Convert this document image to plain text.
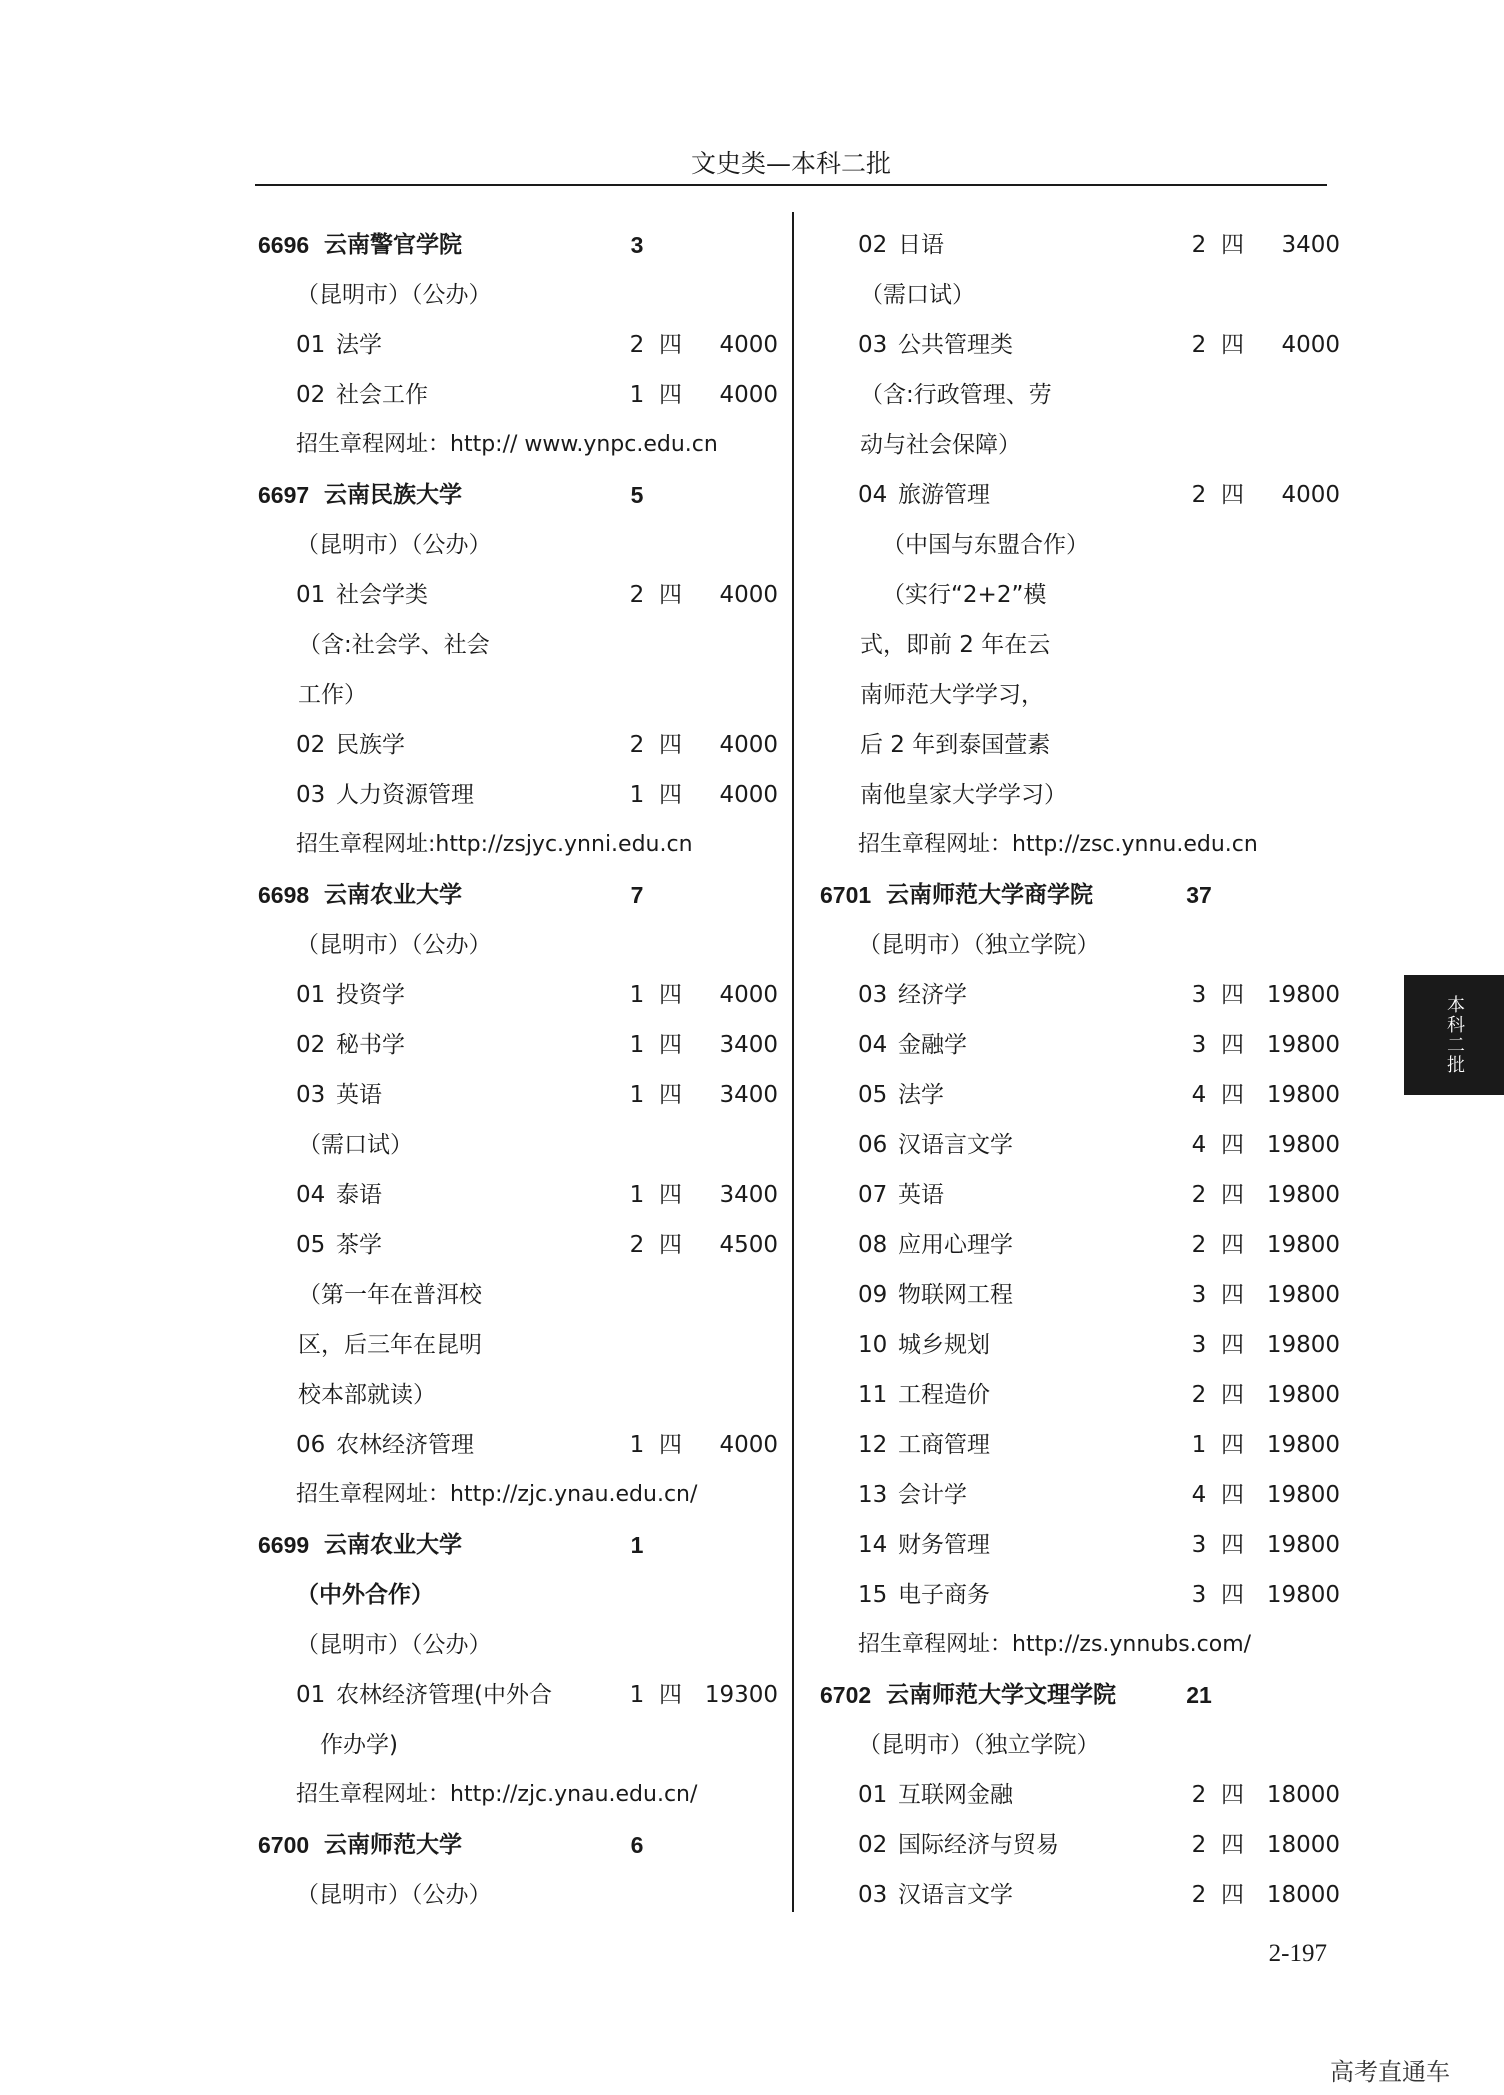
文史类—本科二批
6696 云南警官学院	3
（昆明市）（公办）
01 法学	2 四	4000
02 社会工作	1 四	4000
招生章程网址：http:// www.ynpc.edu.cn
6697 云南民族大学	5
（昆明市）（公办）
01 社会学类	2 四	4000
（含:社会学、社会
工作）
02 民族学	2 四	4000
03 人力资源管理	1 四	4000
招生章程网址:http://zsjyc.ynni.edu.cn
6698 云南农业大学	7
（昆明市）（公办）
01 投资学	1 四	4000
02 秘书学	1 四	3400
03 英语	1 四	3400
（需口试）
04 泰语	1 四	3400
05 茶学	2 四	4500
（第一年在普洱校
区，后三年在昆明
校本部就读）
06 农林经济管理	1 四	4000
招生章程网址：http://zjc.ynau.edu.cn/
6699 云南农业大学	1
（中外合作）
（昆明市）（公办）
01 农林经济管理(中外合	1 四 19300
作办学)
招生章程网址：http://zjc.ynau.edu.cn/
6700 云南师范大学	6
（昆明市）（公办）
02 日语	2 四	3400
（需口试）
03 公共管理类	2 四	4000
（含:行政管理、劳
动与社会保障）
04 旅游管理	2 四	4000
（中国与东盟合作）
（实行“2+2”模
式，即前 2 年在云
南师范大学学习，
后 2 年到泰国萱素
南他皇家大学学习）
招生章程网址：http://zsc.ynnu.edu.cn
6701 云南师范大学商学院	37
（昆明市）（独立学院）
03 经济学	3 四 19800
04 金融学	3 四 19800
05 法学	4 四 19800
06 汉语言文学	4 四 19800
07 英语	2 四 19800
08 应用心理学	2 四 19800
09 物联网工程	3 四 19800
10 城乡规划	3 四 19800
11 工程造价	2 四 19800
12 工商管理	1 四 19800
13 会计学	4 四 19800
14 财务管理	3 四 19800
15 电子商务	3 四 19800
招生章程网址：http://zs.ynnubs.com/
6702 云南师范大学文理学院	21
（昆明市）（独立学院）
01 互联网金融	2 四 18000
02 国际经济与贸易	2 四 18000
03 汉语言文学	2 四 18000
本科二批
2-197
高考直通车
